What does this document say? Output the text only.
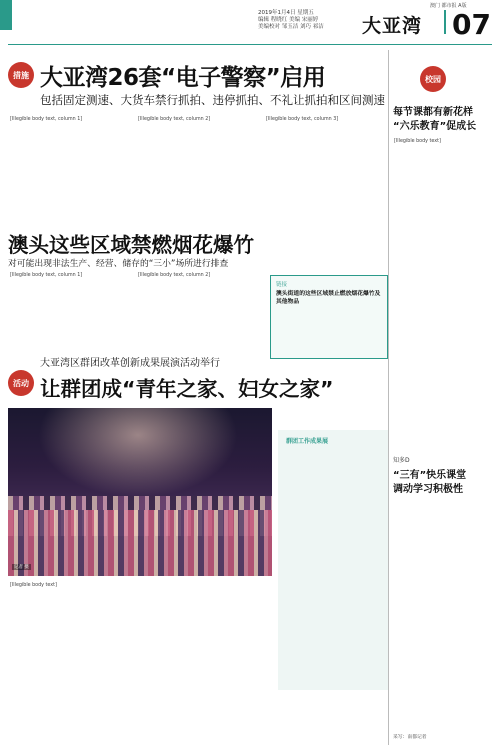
2019年1月4日 星期五
编辑 程晓红 美编 宋丽婷
美编校对 邹玉洁 刘巧 祁洁
澳门 都市报 A版
大亚湾	07
措施 大亚湾26套“电子警察”启用
包括固定测速、大货车禁行抓拍、违停抓拍、不礼让抓拍和区间测速
[Illegible body text, column 1]	[Illegible body text, column 2]	[Illegible body text, column 3]
澳头这些区域禁燃烟花爆竹
对可能出现非法生产、经营、储存的“三小”场所进行排查
[Illegible body text, column 1]	[Illegible body text, column 2]
链接
澳头街道的这些区域禁止燃放烟花爆竹及其他物品
活动
大亚湾区群团改革创新成果展演活动举行
让群团成“青年之家、妇女之家”
记者 摄
[Illegible body text]
群团工作成果展
校园
每节课都有新花样
“六乐教育”促成长
[Illegible body text]
知多D
“三有”快乐课堂
调动学习积极性
采写：南都记者
